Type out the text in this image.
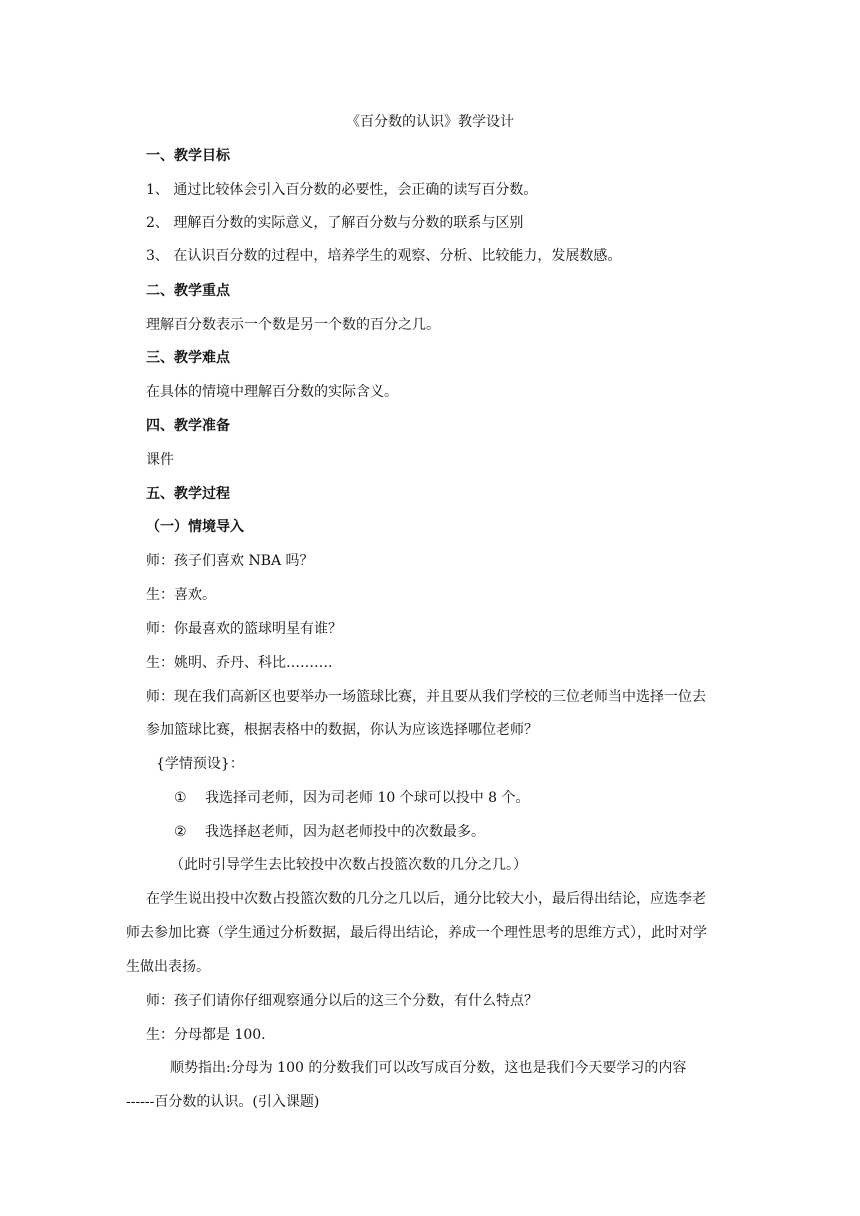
《百分数的认识》教学设计
一、教学目标
1、 通过比较体会引入百分数的必要性，会正确的读写百分数。
2、 理解百分数的实际意义，了解百分数与分数的联系与区别
3、 在认识百分数的过程中，培养学生的观察、分析、比较能力，发展数感。
二、教学重点
理解百分数表示一个数是另一个数的百分之几。
三、教学难点
在具体的情境中理解百分数的实际含义。
四、教学准备
课件
五、教学过程
（一）情境导入
师：孩子们喜欢 NBA 吗？
生：喜欢。
师：你最喜欢的篮球明星有谁？
生：姚明、乔丹、科比……….
师：现在我们高新区也要举办一场篮球比赛，并且要从我们学校的三位老师当中选择一位去
参加篮球比赛，根据表格中的数据，你认为应该选择哪位老师？
{学情预设}：
① 我选择司老师，因为司老师 10 个球可以投中 8 个。
② 我选择赵老师，因为赵老师投中的次数最多。
（此时引导学生去比较投中次数占投篮次数的几分之几。）
在学生说出投中次数占投篮次数的几分之几以后，通分比较大小，最后得出结论，应选李老
师去参加比赛（学生通过分析数据，最后得出结论，养成一个理性思考的思维方式），此时对学
生做出表扬。
师：孩子们请你仔细观察通分以后的这三个分数，有什么特点？
生：分母都是 100.
顺势指出:分母为 100 的分数我们可以改写成百分数，这也是我们今天要学习的内容
------百分数的认识。(引入课题)
